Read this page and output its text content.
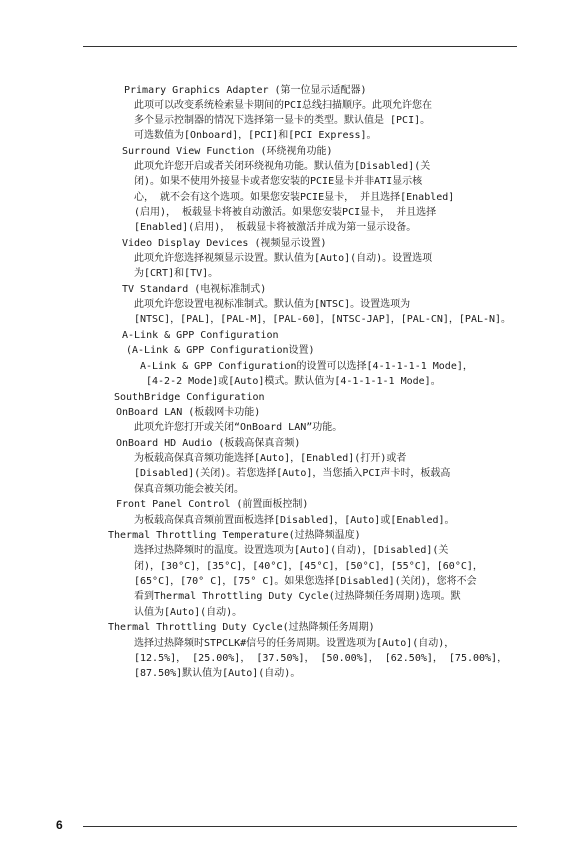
Primary Graphics Adapter (第一位显示适配器)
此项可以改变系统检索显卡期间的PCI总线扫描顺序。此项允许您在
多个显示控制器的情况下选择第一显卡的类型。默认值是 [PCI]。
可选数值为[Onboard]，[PCI]和[PCI Express]。
Surround View Function (环绕视角功能)
此项允许您开启或者关闭环绕视角功能。默认值为[Disabled](关
闭)。如果不使用外接显卡或者您安装的PCIE显卡并非ATI显示核
心， 就不会有这个选项。如果您安装PCIE显卡， 并且选择[Enabled]
(启用)， 板载显卡将被自动激活。如果您安装PCI显卡， 并且选择
[Enabled](启用)， 板载显卡将被激活并成为第一显示设备。
Video Display Devices (视频显示设置)
此项允许您选择视频显示设置。默认值为[Auto](自动)。设置选项
为[CRT]和[TV]。
TV Standard (电视标准制式)
此项允许您设置电视标准制式。默认值为[NTSC]。设置选项为
[NTSC]，[PAL]，[PAL-M]，[PAL-60]，[NTSC-JAP]，[PAL-CN]，[PAL-N]。
A-Link & GPP Configuration
(A-Link & GPP Configuration设置)
A-Link & GPP Configuration的设置可以选择[4-1-1-1-1 Mode]，
[4-2-2 Mode]或[Auto]模式。默认值为[4-1-1-1-1 Mode]。
SouthBridge Configuration
OnBoard LAN (板载网卡功能)
此项允许您打开或关闭“OnBoard LAN”功能。
OnBoard HD Audio (板载高保真音频)
为板载高保真音频功能选择[Auto]，[Enabled](打开)或者
[Disabled](关闭)。若您选择[Auto]，当您插入PCI声卡时，板载高
保真音频功能会被关闭。
Front Panel Control (前置面板控制)
为板载高保真音频前置面板选择[Disabled]，[Auto]或[Enabled]。
Thermal Throttling Temperature(过热降频温度)
选择过热降频时的温度。设置选项为[Auto](自动)，[Disabled](关
闭)，[30°C]，[35°C]，[40°C]，[45°C]，[50°C]，[55°C]，[60°C]，
[65°C]，[70° C]，[75° C]。如果您选择[Disabled](关闭)，您将不会
看到Thermal Throttling Duty Cycle(过热降频任务周期)选项。默
认值为[Auto](自动)。
Thermal Throttling Duty Cycle(过热降频任务周期)
选择过热降频时STPCLK#信号的任务周期。设置选项为[Auto](自动)，
[12.5%]， [25.00%]， [37.50%]， [50.00%]， [62.50%]， [75.00%]，
[87.50%]默认值为[Auto](自动)。
6
